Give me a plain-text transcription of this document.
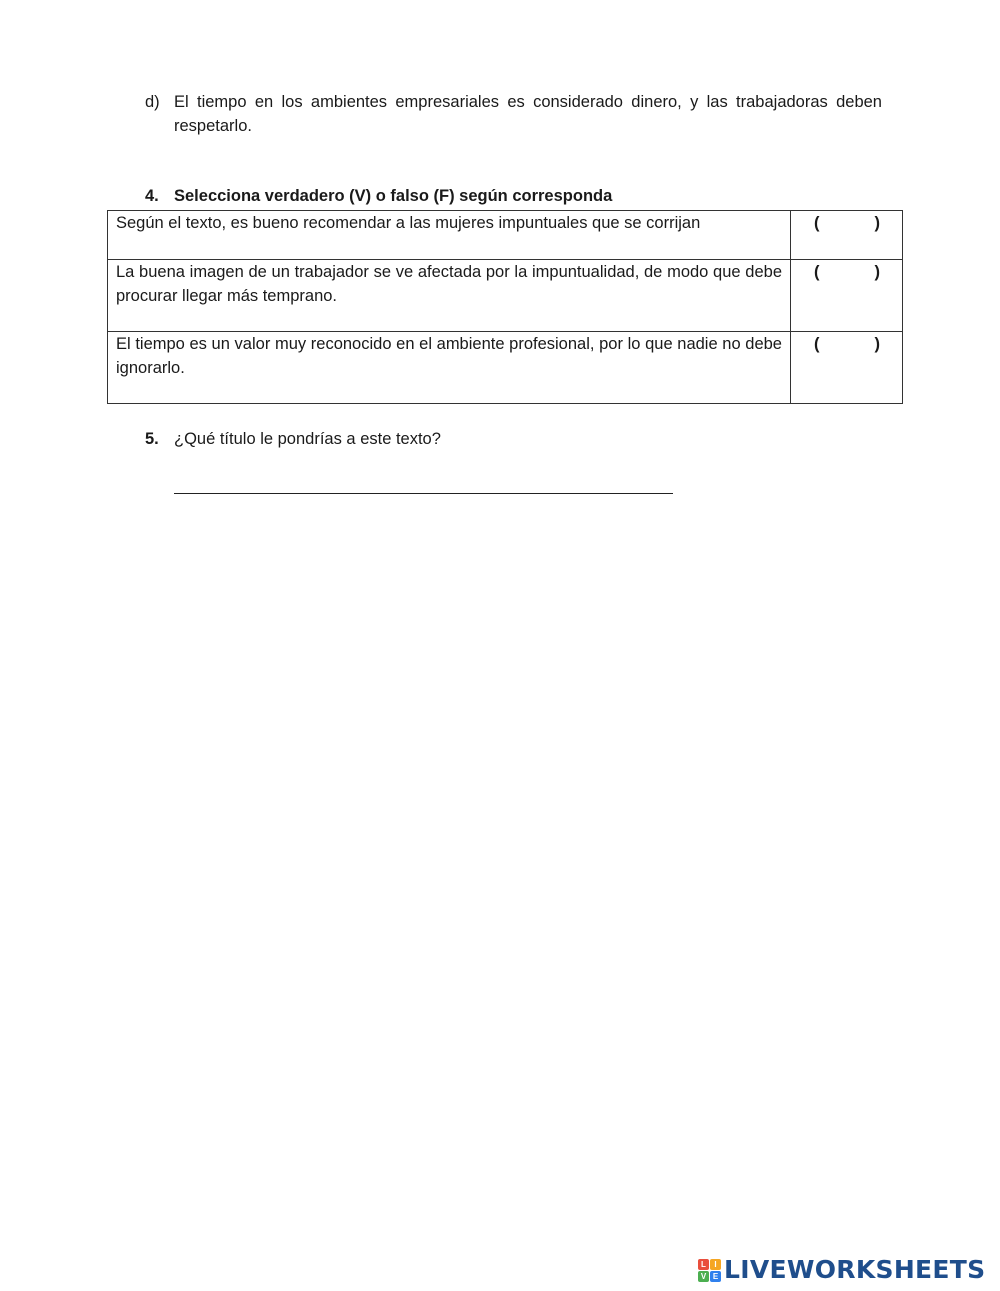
d) El tiempo en los ambientes empresariales es considerado dinero, y las trabajadoras deben respetarlo.
4. Selecciona verdadero (V) o falso (F) según corresponda
Según el texto, es bueno recomendar a las mujeres impuntuales que se corrijan	( )

La buena imagen de un trabajador se ve afectada por la impuntualidad, de modo que debe procurar llegar más temprano.	( )

El tiempo es un valor muy reconocido en el ambiente profesional, por lo que nadie no debe ignorarlo.	( )
5. ¿Qué título le pondrías a este texto?
L	I
V E LIVEWORKSHEETS
